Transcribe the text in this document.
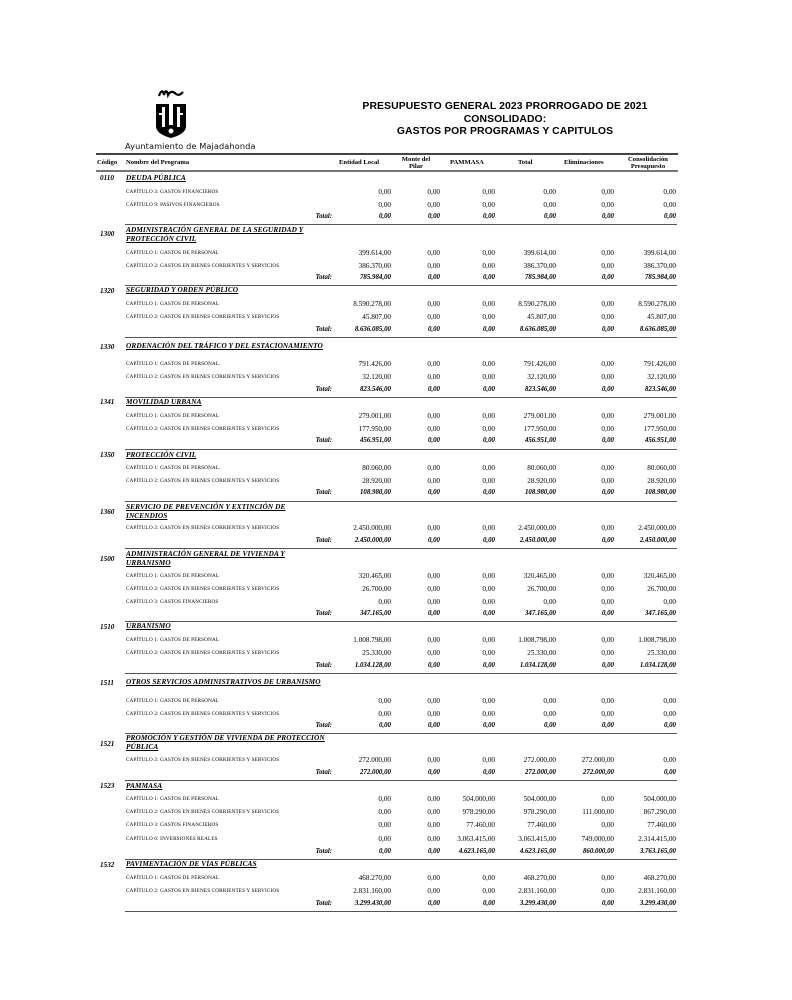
Ayuntamiento de Majadahonda
PRESUPUESTO GENERAL 2023 PRORROGADO DE 2021
CONSOLIDADO:
GASTOS POR PROGRAMAS Y CAPITULOS
Código Nombre del Programa	Entidad Local	Monte del
Pilar	PAMMASA	Total	Eliminaciones	Consolidación
Presupuesto
0110	DEUDA PÚBLICA
CAPÍTULO 3: GASTOS FINANCIEROS	0,00	0,00	0,00	0,00	0,00	0,00
CAPÍTULO 9: PASIVOS FINANCIEROS	0,00	0,00	0,00	0,00	0,00	0,00
Total:	0,00	0,00	0,00	0,00	0,00	0,00
1300	ADMINISTRACIÓN GENERAL DE LA SEGURIDAD Y PROTECCIÓN CIVIL
CAPÍTULO 1: GASTOS DE PERSONAL	399.614,00	0,00	0,00	399.614,00	0,00	399.614,00
CAPÍTULO 2: GASTOS EN BIENES CORRIENTES Y SERVICIOS	386.370,00	0,00	0,00	386.370,00	0,00	386.370,00
Total:	785.984,00	0,00	0,00	785.984,00	0,00	785.984,00
1320	SEGURIDAD Y ORDEN PÚBLICO
CAPÍTULO 1: GASTOS DE PERSONAL	8.590.278,00	0,00	0,00	8.590.278,00	0,00	8.590.278,00
CAPÍTULO 2: GASTOS EN BIENES CORRIENTES Y SERVICIOS	45.807,00	0,00	0,00	45.807,00	0,00	45.807,00
Total:	8.636.085,00	0,00	0,00	8.636.085,00	0,00	8.636.085,00
1330	ORDENACIÓN DEL TRÁFICO Y DEL ESTACIONAMIENTO
CAPÍTULO 1: GASTOS DE PERSONAL	791.426,00	0,00	0,00	791.426,00	0,00	791.426,00
CAPÍTULO 2: GASTOS EN BIENES CORRIENTES Y SERVICIOS	32.120,00	0,00	0,00	32.120,00	0,00	32.120,00
Total:	823.546,00	0,00	0,00	823.546,00	0,00	823.546,00
1341	MOVILIDAD URBANA
CAPÍTULO 1: GASTOS DE PERSONAL	279.001,00	0,00	0,00	279.001,00	0,00	279.001,00
CAPÍTULO 2: GASTOS EN BIENES CORRIENTES Y SERVICIOS	177.950,00	0,00	0,00	177.950,00	0,00	177.950,00
Total:	456.951,00	0,00	0,00	456.951,00	0,00	456.951,00
1350	PROTECCIÓN CIVIL
CAPÍTULO 1: GASTOS DE PERSONAL	80.060,00	0,00	0,00	80.060,00	0,00	80.060,00
CAPÍTULO 2: GASTOS EN BIENES CORRIENTES Y SERVICIOS	28.920,00	0,00	0,00	28.920,00	0,00	28.920,00
Total:	108.980,00	0,00	0,00	108.980,00	0,00	108.980,00
1360
SERVICIO DE PREVENCIÓN Y EXTINCIÓN DE INCENDIOS
CAPÍTULO 2: GASTOS EN BIENES CORRIENTES Y SERVICIOS	2.450.000,00	0,00	0,00	2.450.000,00	0,00	2.450.000,00
Total:	2.450.000,00	0,00	0,00	2.450.000,00	0,00	2.450.000,00
1500
ADMINISTRACIÓN GENERAL DE VIVIENDA Y URBANISMO
CAPÍTULO 1: GASTOS DE PERSONAL	320.465,00	0,00	0,00	320.465,00	0,00	320.465,00
CAPÍTULO 2: GASTOS EN BIENES CORRIENTES Y SERVICIOS	26.700,00	0,00	0,00	26.700,00	0,00	26.700,00
CAPÍTULO 3: GASTOS FINANCIEROS	0,00	0,00	0,00	0,00	0,00	0,00
Total:	347.165,00	0,00	0,00	347.165,00	0,00	347.165,00
1510	URBANISMO
CAPÍTULO 1: GASTOS DE PERSONAL	1.008.798,00	0,00	0,00	1.008.798,00	0,00	1.008.798,00
CAPÍTULO 2: GASTOS EN BIENES CORRIENTES Y SERVICIOS	25.330,00	0,00	0,00	25.330,00	0,00	25.330,00
Total:	1.034.128,00	0,00	0,00	1.034.128,00	0,00	1.034.128,00
1511	OTROS SERVICIOS ADMINISTRATIVOS DE URBANISMO
CAPÍTULO 1: GASTOS DE PERSONAL	0,00	0,00	0,00	0,00	0,00	0,00
CAPÍTULO 2: GASTOS EN BIENES CORRIENTES Y SERVICIOS	0,00	0,00	0,00	0,00	0,00	0,00
Total:	0,00	0,00	0,00	0,00	0,00	0,00
1521
PROMOCIÓN Y GESTIÓN DE VIVIENDA DE PROTECCIÓN PÚBLICA
CAPÍTULO 2: GASTOS EN BIENES CORRIENTES Y SERVICIOS	272.000,00	0,00	0,00	272.000,00	272.000,00	0,00
Total:	272.000,00	0,00	0,00	272.000,00	272.000,00	0,00
1523	PAMMASA
CAPÍTULO 1: GASTOS DE PERSONAL	0,00	0,00	504.000,00	504.000,00	0,00	504.000,00
CAPÍTULO 2: GASTOS EN BIENES CORRIENTES Y SERVICIOS	0,00	0,00	978.290,00	978.290,00	111.000,00	867.290,00
CAPÍTULO 3: GASTOS FINANCIEROS	0,00	0,00	77.460,00	77.460,00	0,00	77.460,00
CAPÍTULO 6: INVERSIONES REALES	0,00	0,00 3.063.415,00	3.063.415,00	749.000,00	2.314.415,00
Total:	0,00	0,00	4.623.165,00	4.623.165,00	860.000,00	3.763.165,00
1532	PAVIMENTACIÓN DE VÍAS PÚBLICAS
CAPÍTULO 1: GASTOS DE PERSONAL	468.270,00	0,00	0,00	468.270,00	0,00	468.270,00
CAPÍTULO 2: GASTOS EN BIENES CORRIENTES Y SERVICIOS	2.831.160,00	0,00	0,00	2.831.160,00	0,00	2.831.160,00
Total:	3.299.430,00	0,00	0,00	3.299.430,00	0,00	3.299.430,00
